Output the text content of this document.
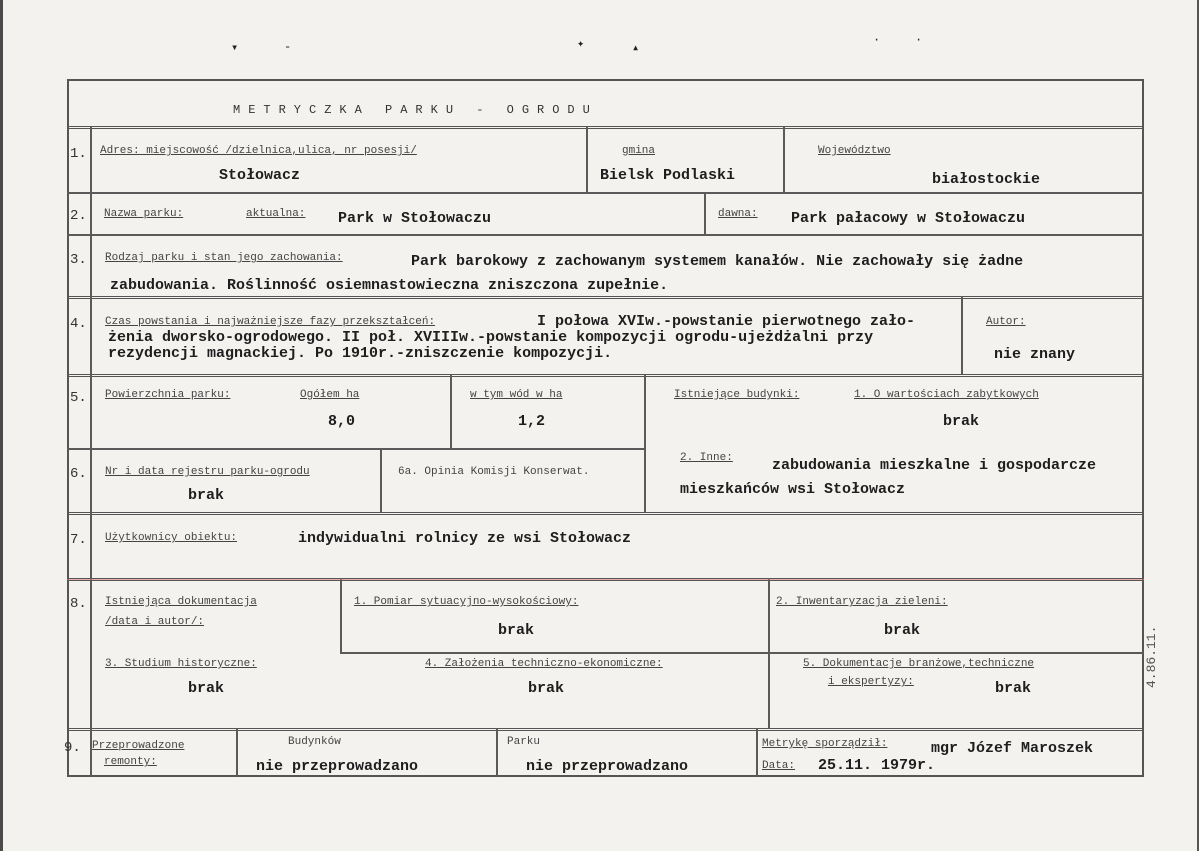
▾	-	✦	▴
·	·
METRYCZKA PARKU - OGRODU
1. Adres: miejscowość /dzielnica,ulica, nr posesji/
Stołowacz
gmina
Bielsk Podlaski
Województwo
białostockie
2. Nazwa parku:	aktualna: Park w Stołowaczu	dawna: Park pałacowy w Stołowaczu
3. Rodzaj parku i stan jego zachowania:	Park barokowy z zachowanym systemem kanałów. Nie zachowały się żadne
zabudowania. Roślinność osiemnastowieczna zniszczona zupełnie.
4. Czas powstania i najważniejsze fazy przekształceń:	I połowa XVIw.-powstanie pierwotnego zało-
żenia dworsko-ogrodowego. II poł. XVIIIw.-powstanie kompozycji ogrodu-ujeżdżalni przy
rezydencji magnackiej. Po 1910r.-zniszczenie kompozycji.
Autor:
nie znany
5. Powierzchnia parku:	Ogółem ha
8,0
w tym wód w ha
1,2
Istniejące budynki:	1. O wartościach zabytkowych
brak
6. Nr i data rejestru parku-ogrodu
brak
6a. Opinia Komisji Konserwat.
2. Inne:	zabudowania mieszkalne i gospodarcze
mieszkańców wsi Stołowacz
7. Użytkownicy obiektu:	indywidualni rolnicy ze wsi Stołowacz
8. Istniejąca dokumentacja
/data i autor/:
1. Pomiar sytuacyjno-wysokościowy:
brak
2. Inwentaryzacja zieleni:
brak
3. Studium historyczne:
brak
4. Założenia techniczno-ekonomiczne:
brak
5. Dokumentacje branżowe,techniczne
i ekspertyzy:	brak
9. Przeprowadzone
remonty:
Budynków
nie przeprowadzano
Parku
nie przeprowadzano
Metrykę sporządził:	mgr Józef Maroszek
Data: 25.11. 1979r.
4.86.11.
